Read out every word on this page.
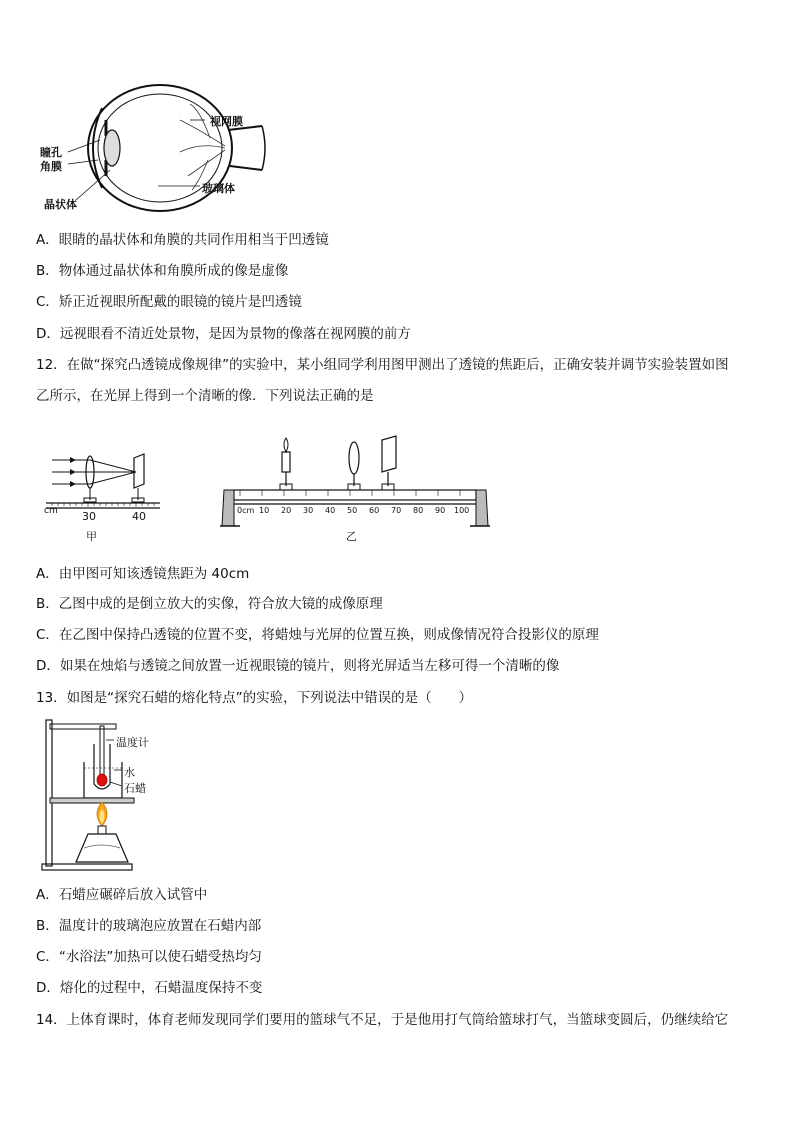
视网膜
瞳孔
角膜
晶状体
玻璃体
A．眼睛的晶状体和角膜的共同作用相当于凹透镜
B．物体通过晶状体和角膜所成的像是虚像
C．矫正近视眼所配戴的眼镜的镜片是凹透镜
D．远视眼看不清近处景物，是因为景物的像落在视网膜的前方
12．在做“探究凸透镜成像规律”的实验中，某小组同学利用图甲测出了透镜的焦距后，正确安装并调节实验装置如图
乙所示，在光屏上得到一个清晰的像．下列说法正确的是
cm 30	40
甲
0cm 10 20 30 40 50 60 70 80 90 100
乙
A．由甲图可知该透镜焦距为 40cm
B．乙图中成的是倒立放大的实像，符合放大镜的成像原理
C．在乙图中保持凸透镜的位置不变，将蜡烛与光屏的位置互换，则成像情况符合投影仪的原理
D．如果在烛焰与透镜之间放置一近视眼镜的镜片，则将光屏适当左移可得一个清晰的像
13．如图是“探究石蜡的熔化特点”的实验，下列说法中错误的是（　　）
温度计
水
石蜡
A．石蜡应碾碎后放入试管中
B．温度计的玻璃泡应放置在石蜡内部
C．“水浴法”加热可以使石蜡受热均匀
D．熔化的过程中，石蜡温度保持不变
14．上体育课时，体育老师发现同学们要用的篮球气不足，于是他用打气筒给篮球打气，当篮球变圆后，仍继续给它
